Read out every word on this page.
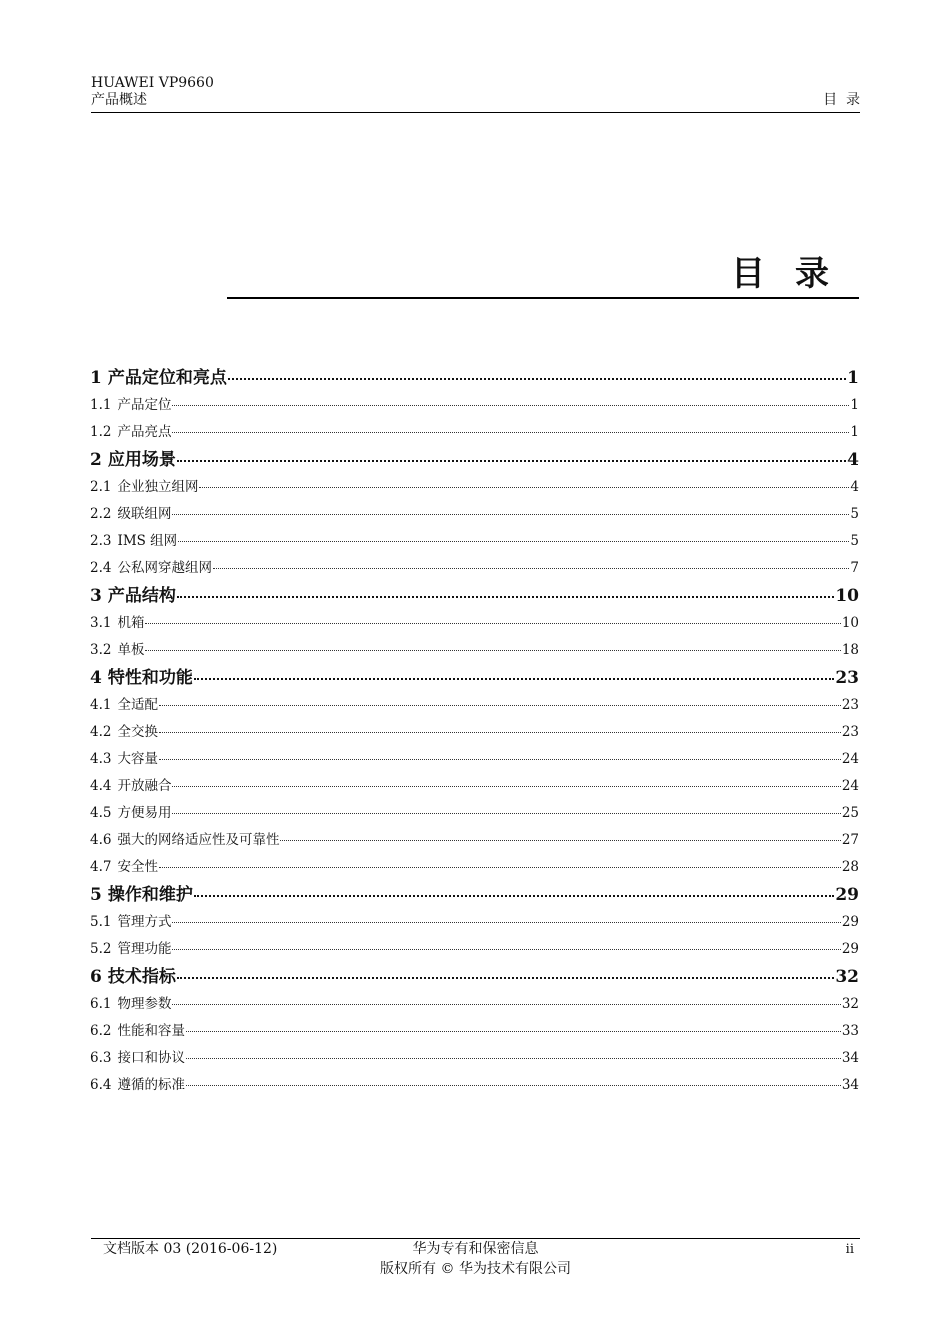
HUAWEI VP9660
产品概述	目  录
目录
1 产品定位和亮点	1
1.1 产品定位	1
1.2 产品亮点	1
2 应用场景	4
2.1 企业独立组网	4
2.2 级联组网	5
2.3 IMS 组网	5
2.4 公私网穿越组网	7
3 产品结构	10
3.1 机箱	10
3.2 单板	18
4 特性和功能	23
4.1 全适配	23
4.2 全交换	23
4.3 大容量	24
4.4 开放融合	24
4.5 方便易用	25
4.6 强大的网络适应性及可靠性	27
4.7 安全性	28
5 操作和维护	29
5.1 管理方式	29
5.2 管理功能	29
6 技术指标	32
6.1 物理参数	32
6.2 性能和容量	33
6.3 接口和协议	34
6.4 遵循的标准	34
文档版本 03 (2016-06-12)	华为专有和保密信息
版权所有 © 华为技术有限公司
ii
